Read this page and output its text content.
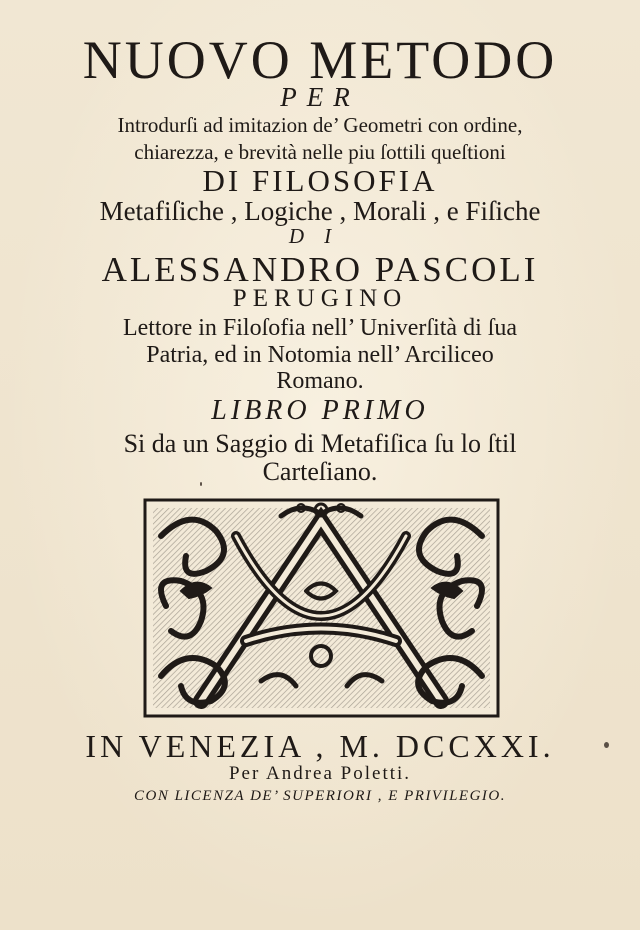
NUOVO METODO
PER
Introdurſi ad imitazion de’ Geometri con ordine,
chiarezza, e brevità nelle piu ſottili queſtioni
DI FILOSOFIA
Metafiſiche , Logiche , Morali , e Fiſiche
DI
ALESSANDRO PASCOLI
PERUGINO
Lettore in Filoſofia nell’ Univerſità di ſua
Patria, ed in Notomia nell’ Arciliceo
Romano.
LIBRO PRIMO
Si da un Saggio di Metafiſica ſu lo ſtil
Carteſiano.
IN VENEZIA , M. DCCXXI.
Per Andrea Poletti.
CON LICENZA DE’ SUPERIORI , E PRIVILEGIO.
